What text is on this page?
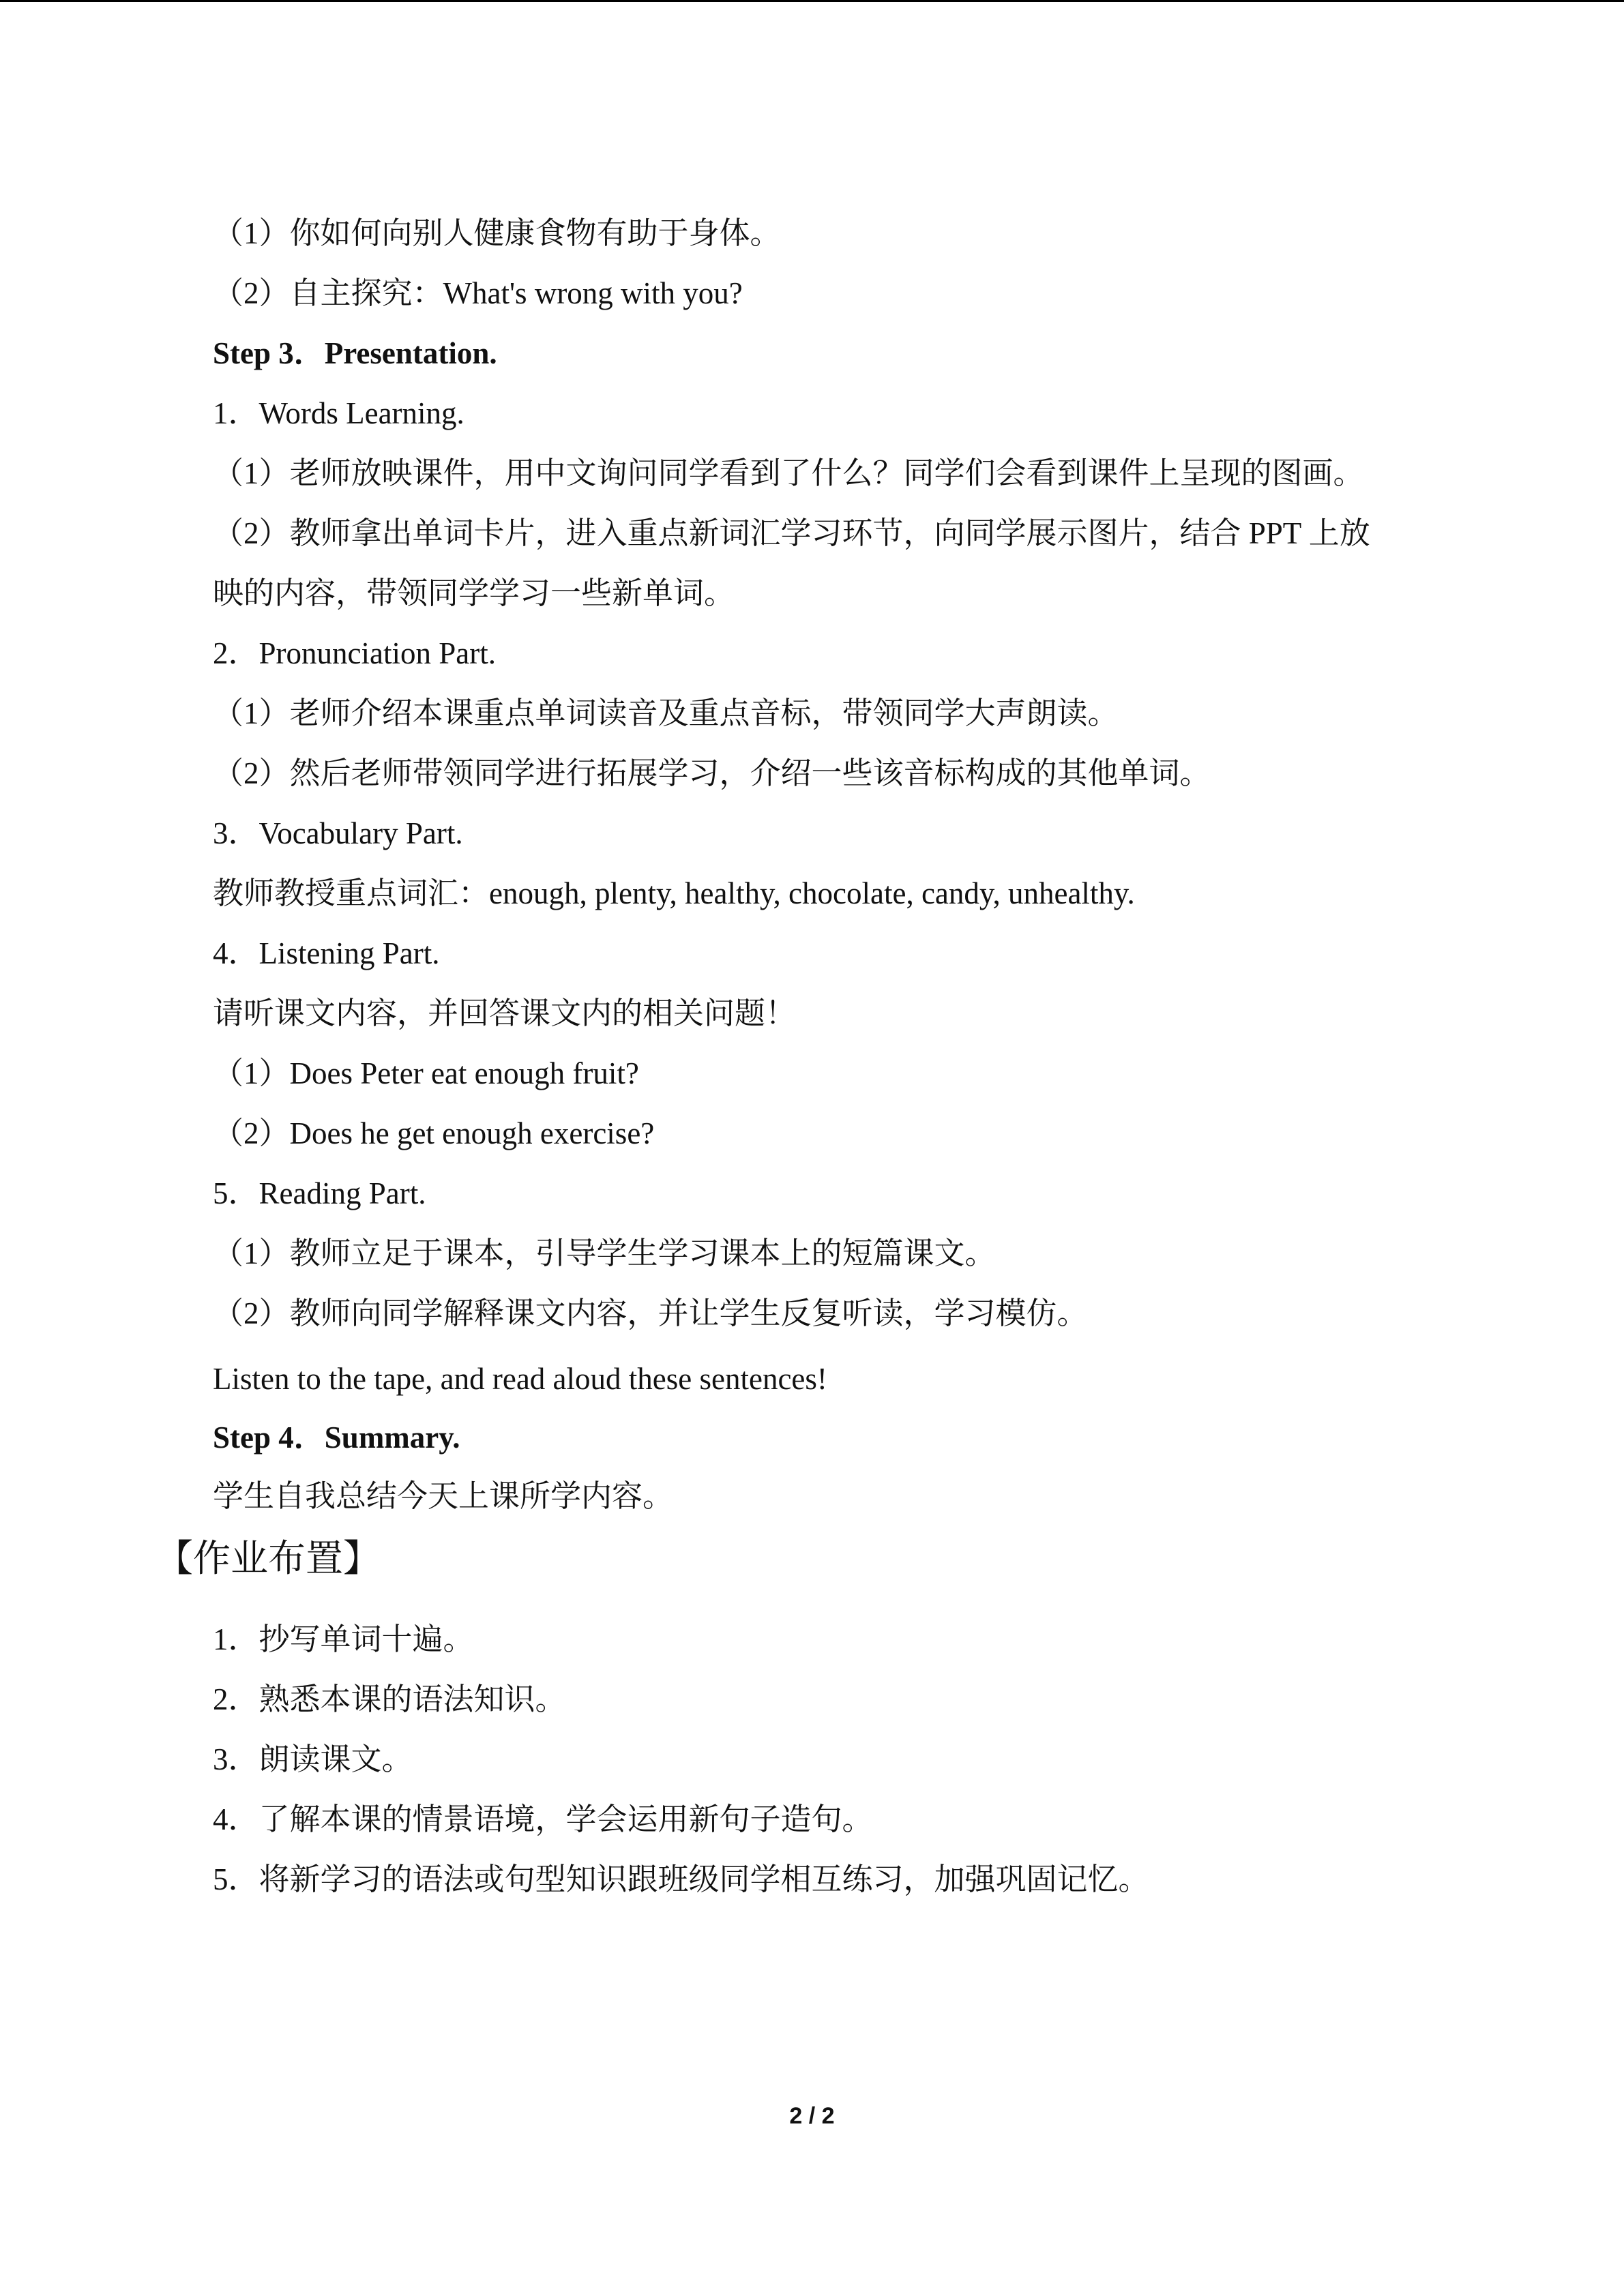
（1）你如何向别人健康食物有助于身体。
（2）自主探究：What's wrong with you?
Step 3．Presentation.
1．Words Learning.
（1）老师放映课件，用中文询问同学看到了什么？同学们会看到课件上呈现的图画。
（2）教师拿出单词卡片，进入重点新词汇学习环节，向同学展示图片，结合 PPT 上放
映的内容，带领同学学习一些新单词。
2．Pronunciation Part.
（1）老师介绍本课重点单词读音及重点音标，带领同学大声朗读。
（2）然后老师带领同学进行拓展学习，介绍一些该音标构成的其他单词。
3．Vocabulary Part.
教师教授重点词汇：enough, plenty, healthy, chocolate, candy, unhealthy.
4．Listening Part.
请听课文内容，并回答课文内的相关问题！
（1）Does Peter eat enough fruit?
（2）Does he get enough exercise?
5．Reading Part.
（1）教师立足于课本，引导学生学习课本上的短篇课文。
（2）教师向同学解释课文内容，并让学生反复听读，学习模仿。
Listen to the tape, and read aloud these sentences!
Step 4．Summary.
学生自我总结今天上课所学内容。
【作业布置】
1．抄写单词十遍。
2．熟悉本课的语法知识。
3．朗读课文。
4．了解本课的情景语境，学会运用新句子造句。
5．将新学习的语法或句型知识跟班级同学相互练习，加强巩固记忆。
2 / 2
